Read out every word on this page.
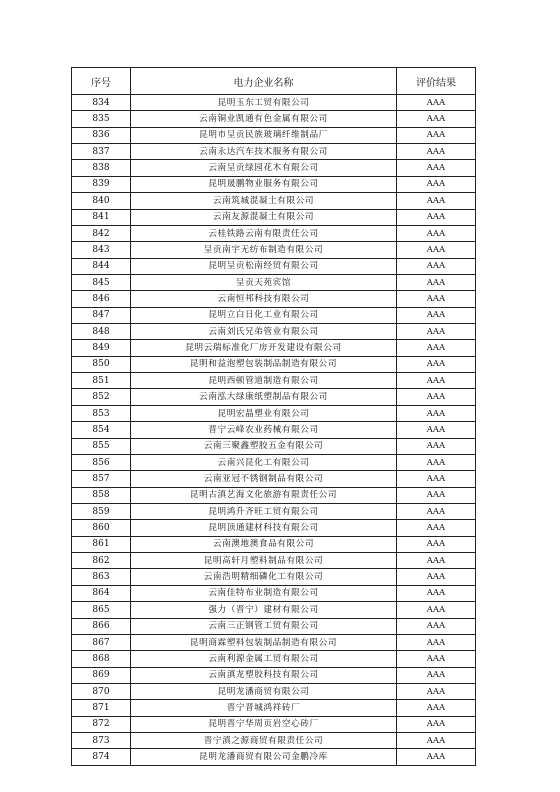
序号	电力企业名称	评价结果
834	昆明玉东工贸有限公司	AAA
835	云南铜业凯通有色金属有限公司	AAA
836	昆明市呈贡民族玻璃纤维制品厂	AAA
837	云南永达汽车技术服务有限公司	AAA
838	云南呈贡绿园花木有限公司	AAA
839	昆明晟鹏物业服务有限公司	AAA
840	云南筑城混凝土有限公司	AAA
841	云南友源混凝土有限公司	AAA
842	云桂铁路云南有限责任公司	AAA
843	呈贡南宇无纺布制造有限公司	AAA
844	昆明呈贡松南经贸有限公司	AAA
845	呈贡天苑宾馆	AAA
846	云南恒邦科技有限公司	AAA
847	昆明立白日化工业有限公司	AAA
848	云南刘氏兄弟管业有限公司	AAA
849	昆明云瑞标准化厂房开发建设有限公司	AAA
850	昆明和益泡塑包装制品制造有限公司	AAA
851	昆明西顿管道制造有限公司	AAA
852	云南泓大绿康纸塑制品有限公司	AAA
853	昆明宏晶塑业有限公司	AAA
854	晋宁云峰农业药械有限公司	AAA
855	云南三聚鑫塑胶五金有限公司	AAA
856	云南兴昆化工有限公司	AAA
857	云南亚冠不锈钢制品有限公司	AAA
858	昆明古滇艺海文化旅游有限责任公司	AAA
859	昆明鸿升齐旺工贸有限公司	AAA
860	昆明顶通建材科技有限公司	AAA
861	云南澳地澳食品有限公司	AAA
862	昆明高轩月塑料制品有限公司	AAA
863	云南浩明精细磷化工有限公司	AAA
864	云南佳特布业制造有限公司	AAA
865	强力（晋宁）建材有限公司	AAA
866	云南三正钢管工贸有限公司	AAA
867	昆明商霖塑料包装制品制造有限公司	AAA
868	云南利源金属工贸有限公司	AAA
869	云南滇龙塑胶科技有限公司	AAA
870	昆明龙潘商贸有限公司	AAA
871	晋宁晋城鸿祥砖厂	AAA
872	昆明晋宁华周页岩空心砖厂	AAA
873	晋宁滇之源商贸有限责任公司	AAA
874	昆明龙潘商贸有限公司金鹏冷库	AAA
